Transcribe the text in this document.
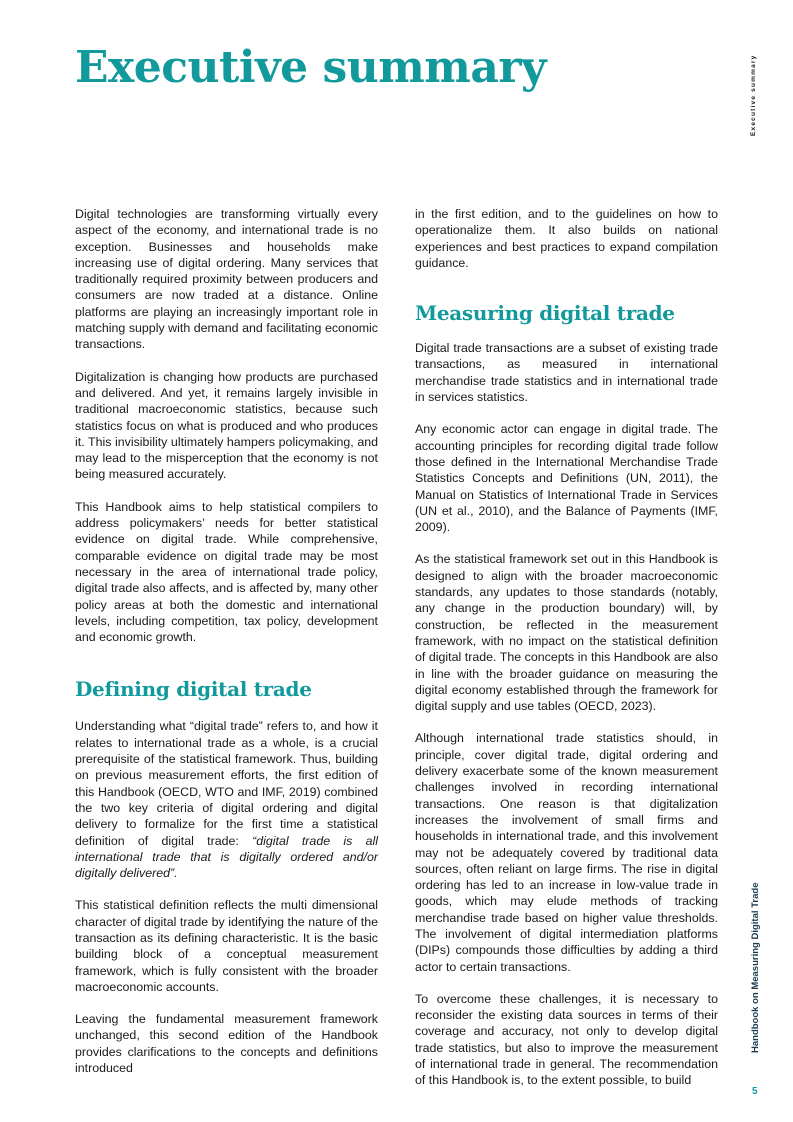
Executive summary	Executive summary

Digital technologies are transforming virtually every aspect of the economy, and international trade is no exception. Businesses and households make increasing use of digital ordering. Many services that traditionally required proximity between producers and consumers are now traded at a distance. Online platforms are playing an increasingly important role in matching supply with demand and facilitating economic transactions.

Digitalization is changing how products are purchased and delivered. And yet, it remains largely invisible in traditional macroeconomic statistics, because such statistics focus on what is produced and who produces it. This invisibility ultimately hampers policymaking, and may lead to the misperception that the economy is not being measured accurately.

This Handbook aims to help statistical compilers to address policymakers’ needs for better statistical evidence on digital trade. While comprehensive, comparable evidence on digital trade may be most necessary in the area of international trade policy, digital trade also affects, and is affected by, many other policy areas at both the domestic and international levels, including competition, tax policy, development and economic growth.

Defining digital trade

Understanding what “digital trade” refers to, and how it relates to international trade as a whole, is a crucial prerequisite of the statistical framework. Thus, building on previous measurement efforts, the first edition of this Handbook (OECD, WTO and IMF, 2019) combined the two key criteria of digital ordering and digital delivery to formalize for the first time a statistical definition of digital trade: “digital trade is all international trade that is digitally ordered and/or digitally delivered”.

This statistical definition reflects the multi dimensional character of digital trade by identifying the nature of the transaction as its defining characteristic. It is the basic building block of a conceptual measurement framework, which is fully consistent with the broader macroeconomic accounts.

Leaving the fundamental measurement framework unchanged, this second edition of the Handbook provides clarifications to the concepts and definitions introduced

in the first edition, and to the guidelines on how to operationalize them. It also builds on national experiences and best practices to expand compilation guidance.

Measuring digital trade

Digital trade transactions are a subset of existing trade transactions, as measured in international merchandise trade statistics and in international trade in services statistics.

Any economic actor can engage in digital trade. The accounting principles for recording digital trade follow those defined in the International Merchandise Trade Statistics Concepts and Definitions (UN, 2011), the Manual on Statistics of International Trade in Services (UN et al., 2010), and the Balance of Payments (IMF, 2009).

As the statistical framework set out in this Handbook is designed to align with the broader macroeconomic standards, any updates to those standards (notably, any change in the production boundary) will, by construction, be reflected in the measurement framework, with no impact on the statistical definition of digital trade. The concepts in this Handbook are also in line with the broader guidance on measuring the digital economy established through the framework for digital supply and use tables (OECD, 2023).

Although international trade statistics should, in principle, cover digital trade, digital ordering and delivery exacerbate some of the known measurement challenges involved in recording international transactions. One reason is that digitalization increases the involvement of small firms and households in international trade, and this involvement may not be adequately covered by traditional data sources, often reliant on large firms. The rise in digital ordering has led to an increase in low-value trade in goods, which may elude methods of tracking merchandise trade based on higher value thresholds. The involvement of digital intermediation platforms (DIPs) compounds those difficulties by adding a third actor to certain transactions.

To overcome these challenges, it is necessary to reconsider the existing data sources in terms of their coverage and accuracy, not only to develop digital trade statistics, but also to improve the measurement of international trade in general. The recommendation of this Handbook is, to the extent possible, to build

Handbook on Measuring Digital Trade
5
